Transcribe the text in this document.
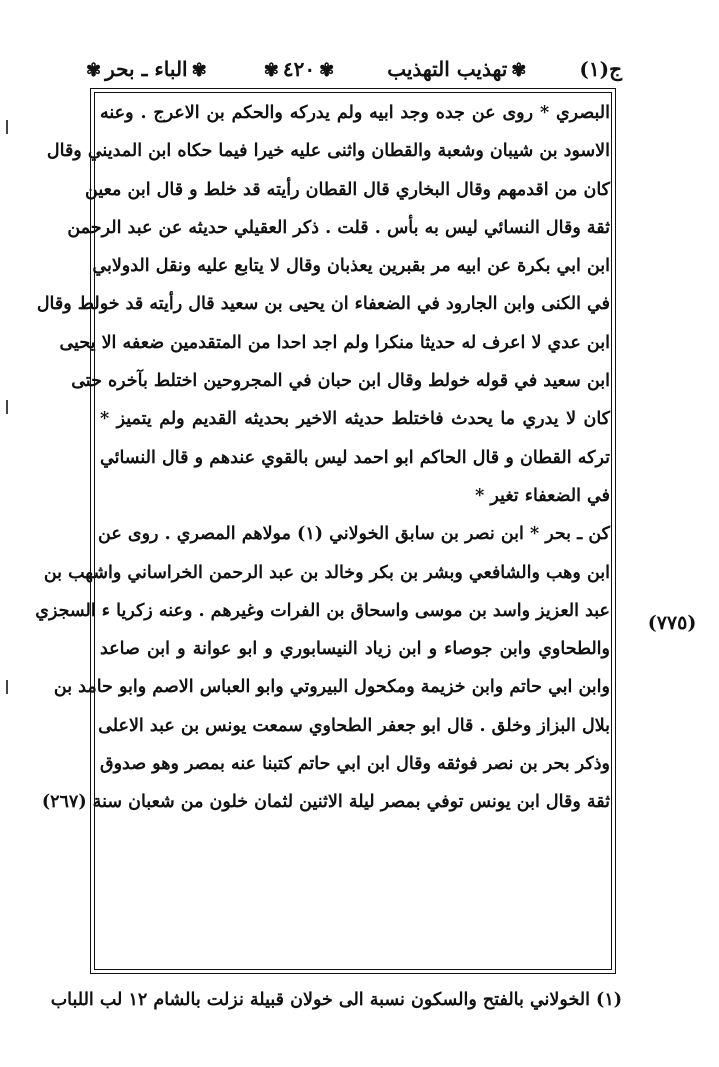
ج(١)
✾تهذيب التهذيب
✾٤٢٠✾
✾الباء ـ بحر✾
البصري * روى عن جده وجد ابيه ولم يدركه والحكم بن الاعرج . وعنه
الاسود بن شيبان وشعبة والقطان واثنى عليه خيرا فيما حكاه ابن المديني وقال
كان من اقدمهم وقال البخاري قال القطان رأيته قد خلط و قال ابن معين
ثقة وقال النسائي ليس به بأس . قلت . ذكر العقيلي حديثه عن عبد الرحمن
ابن ابي بكرة عن ابيه مر بقبرين يعذبان وقال لا يتابع عليه ونقل الدولابي
في الكنى وابن الجارود في الضعفاء ان يحيى بن سعيد قال رأيته قد خولط وقال
ابن عدي لا اعرف له حديثا منكرا ولم اجد احدا من المتقدمين ضعفه الا يحيى
ابن سعيد في قوله خولط وقال ابن حبان في المجروحين اختلط بآخره حتى
كان لا يدري ما يحدث فاختلط حديثه الاخير بحديثه القديم ولم يتميز *
تركه القطان و قال الحاكم ابو احمد ليس بالقوي عندهم و قال النسائي
في الضعفاء تغير *
كن ـ بحر * ابن نصر بن سابق الخولاني (١) مولاهم المصري . روى عن
ابن وهب والشافعي وبشر بن بكر وخالد بن عبد الرحمن الخراساني واشهب بن
عبد العزيز واسد بن موسى واسحاق بن الفرات وغيرهم . وعنه زكريا ء السجزي
والطحاوي وابن جوصاء و ابن زياد النيسابوري و ابو عوانة و ابن صاعد
وابن ابي حاتم وابن خزيمة ومكحول البيروتي وابو العباس الاصم وابو حامد بن
بلال البزاز وخلق . قال ابو جعفر الطحاوي سمعت يونس بن عبد الاعلى
وذكر بحر بن نصر فوثقه وقال ابن ابي حاتم كتبنا عنه بمصر وهو صدوق
ثقة وقال ابن يونس توفي بمصر ليلة الاثنين لثمان خلون من شعبان سنة (٢٦٧)
(٧٧٥)
(١) الخولاني بالفتح والسكون نسبة الى خولان قبيلة نزلت بالشام ١٢ لب اللباب
